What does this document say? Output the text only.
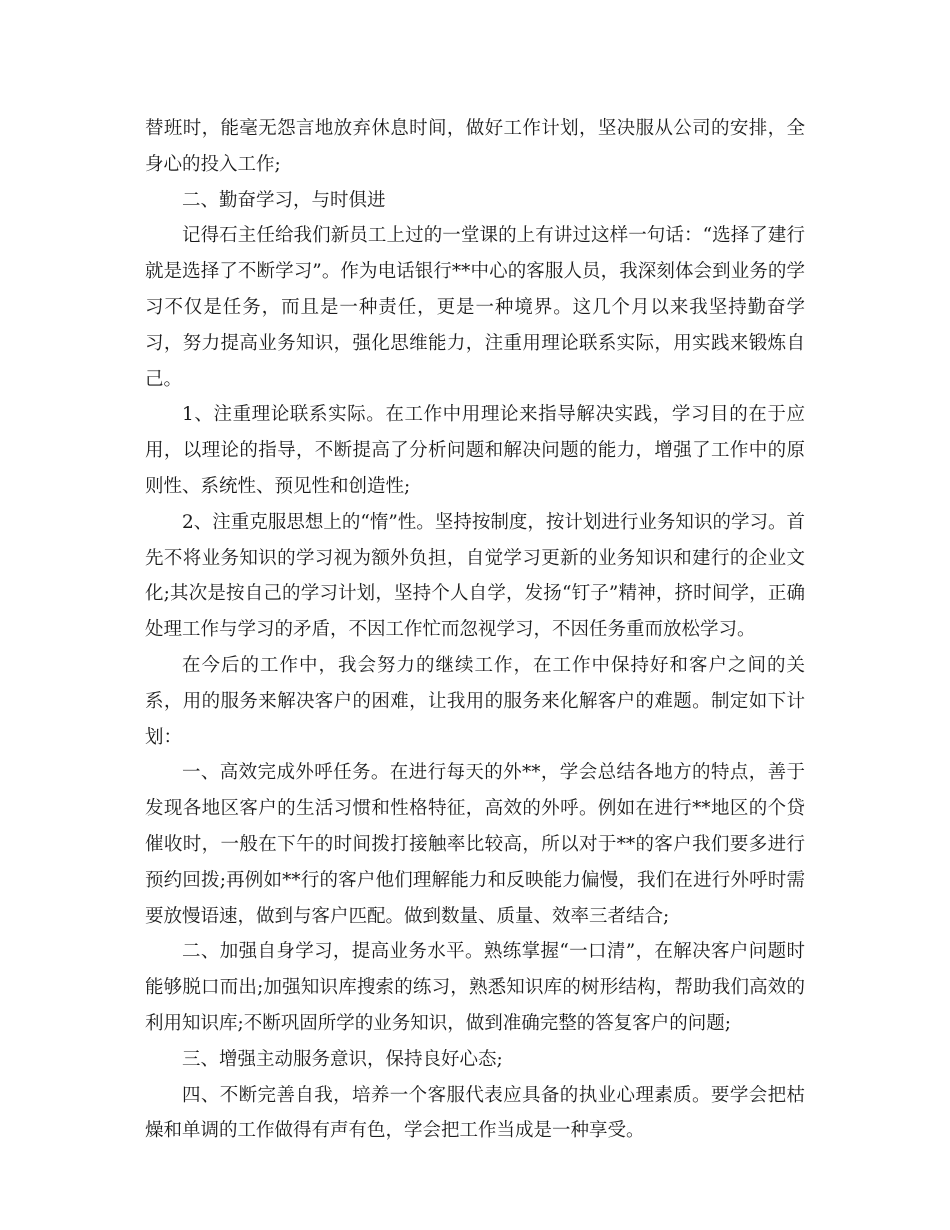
替班时，能毫无怨言地放弃休息时间，做好工作计划，坚决服从公司的安排，全身心的投入工作;

二、勤奋学习，与时俱进

记得石主任给我们新员工上过的一堂课的上有讲过这样一句话：“选择了建行就是选择了不断学习”。作为电话银行**中心的客服人员，我深刻体会到业务的学习不仅是任务，而且是一种责任，更是一种境界。这几个月以来我坚持勤奋学习，努力提高业务知识，强化思维能力，注重用理论联系实际，用实践来锻炼自己。

1、注重理论联系实际。在工作中用理论来指导解决实践，学习目的在于应用，以理论的指导，不断提高了分析问题和解决问题的能力，增强了工作中的原则性、系统性、预见性和创造性;

2、注重克服思想上的“惰”性。坚持按制度，按计划进行业务知识的学习。首先不将业务知识的学习视为额外负担，自觉学习更新的业务知识和建行的企业文化;其次是按自己的学习计划，坚持个人自学，发扬“钉子”精神，挤时间学，正确处理工作与学习的矛盾，不因工作忙而忽视学习，不因任务重而放松学习。

在今后的工作中，我会努力的继续工作，在工作中保持好和客户之间的关系，用的服务来解决客户的困难，让我用的服务来化解客户的难题。制定如下计划：

一、高效完成外呼任务。在进行每天的外**，学会总结各地方的特点，善于发现各地区客户的生活习惯和性格特征，高效的外呼。例如在进行**地区的个贷催收时，一般在下午的时间拨打接触率比较高，所以对于**的客户我们要多进行预约回拨;再例如**行的客户他们理解能力和反映能力偏慢，我们在进行外呼时需要放慢语速，做到与客户匹配。做到数量、质量、效率三者结合;

二、加强自身学习，提高业务水平。熟练掌握“一口清”，在解决客户问题时能够脱口而出;加强知识库搜索的练习，熟悉知识库的树形结构，帮助我们高效的利用知识库;不断巩固所学的业务知识，做到准确完整的答复客户的问题;

三、增强主动服务意识，保持良好心态;

四、不断完善自我，培养一个客服代表应具备的执业心理素质。要学会把枯燥和单调的工作做得有声有色，学会把工作当成是一种享受。
